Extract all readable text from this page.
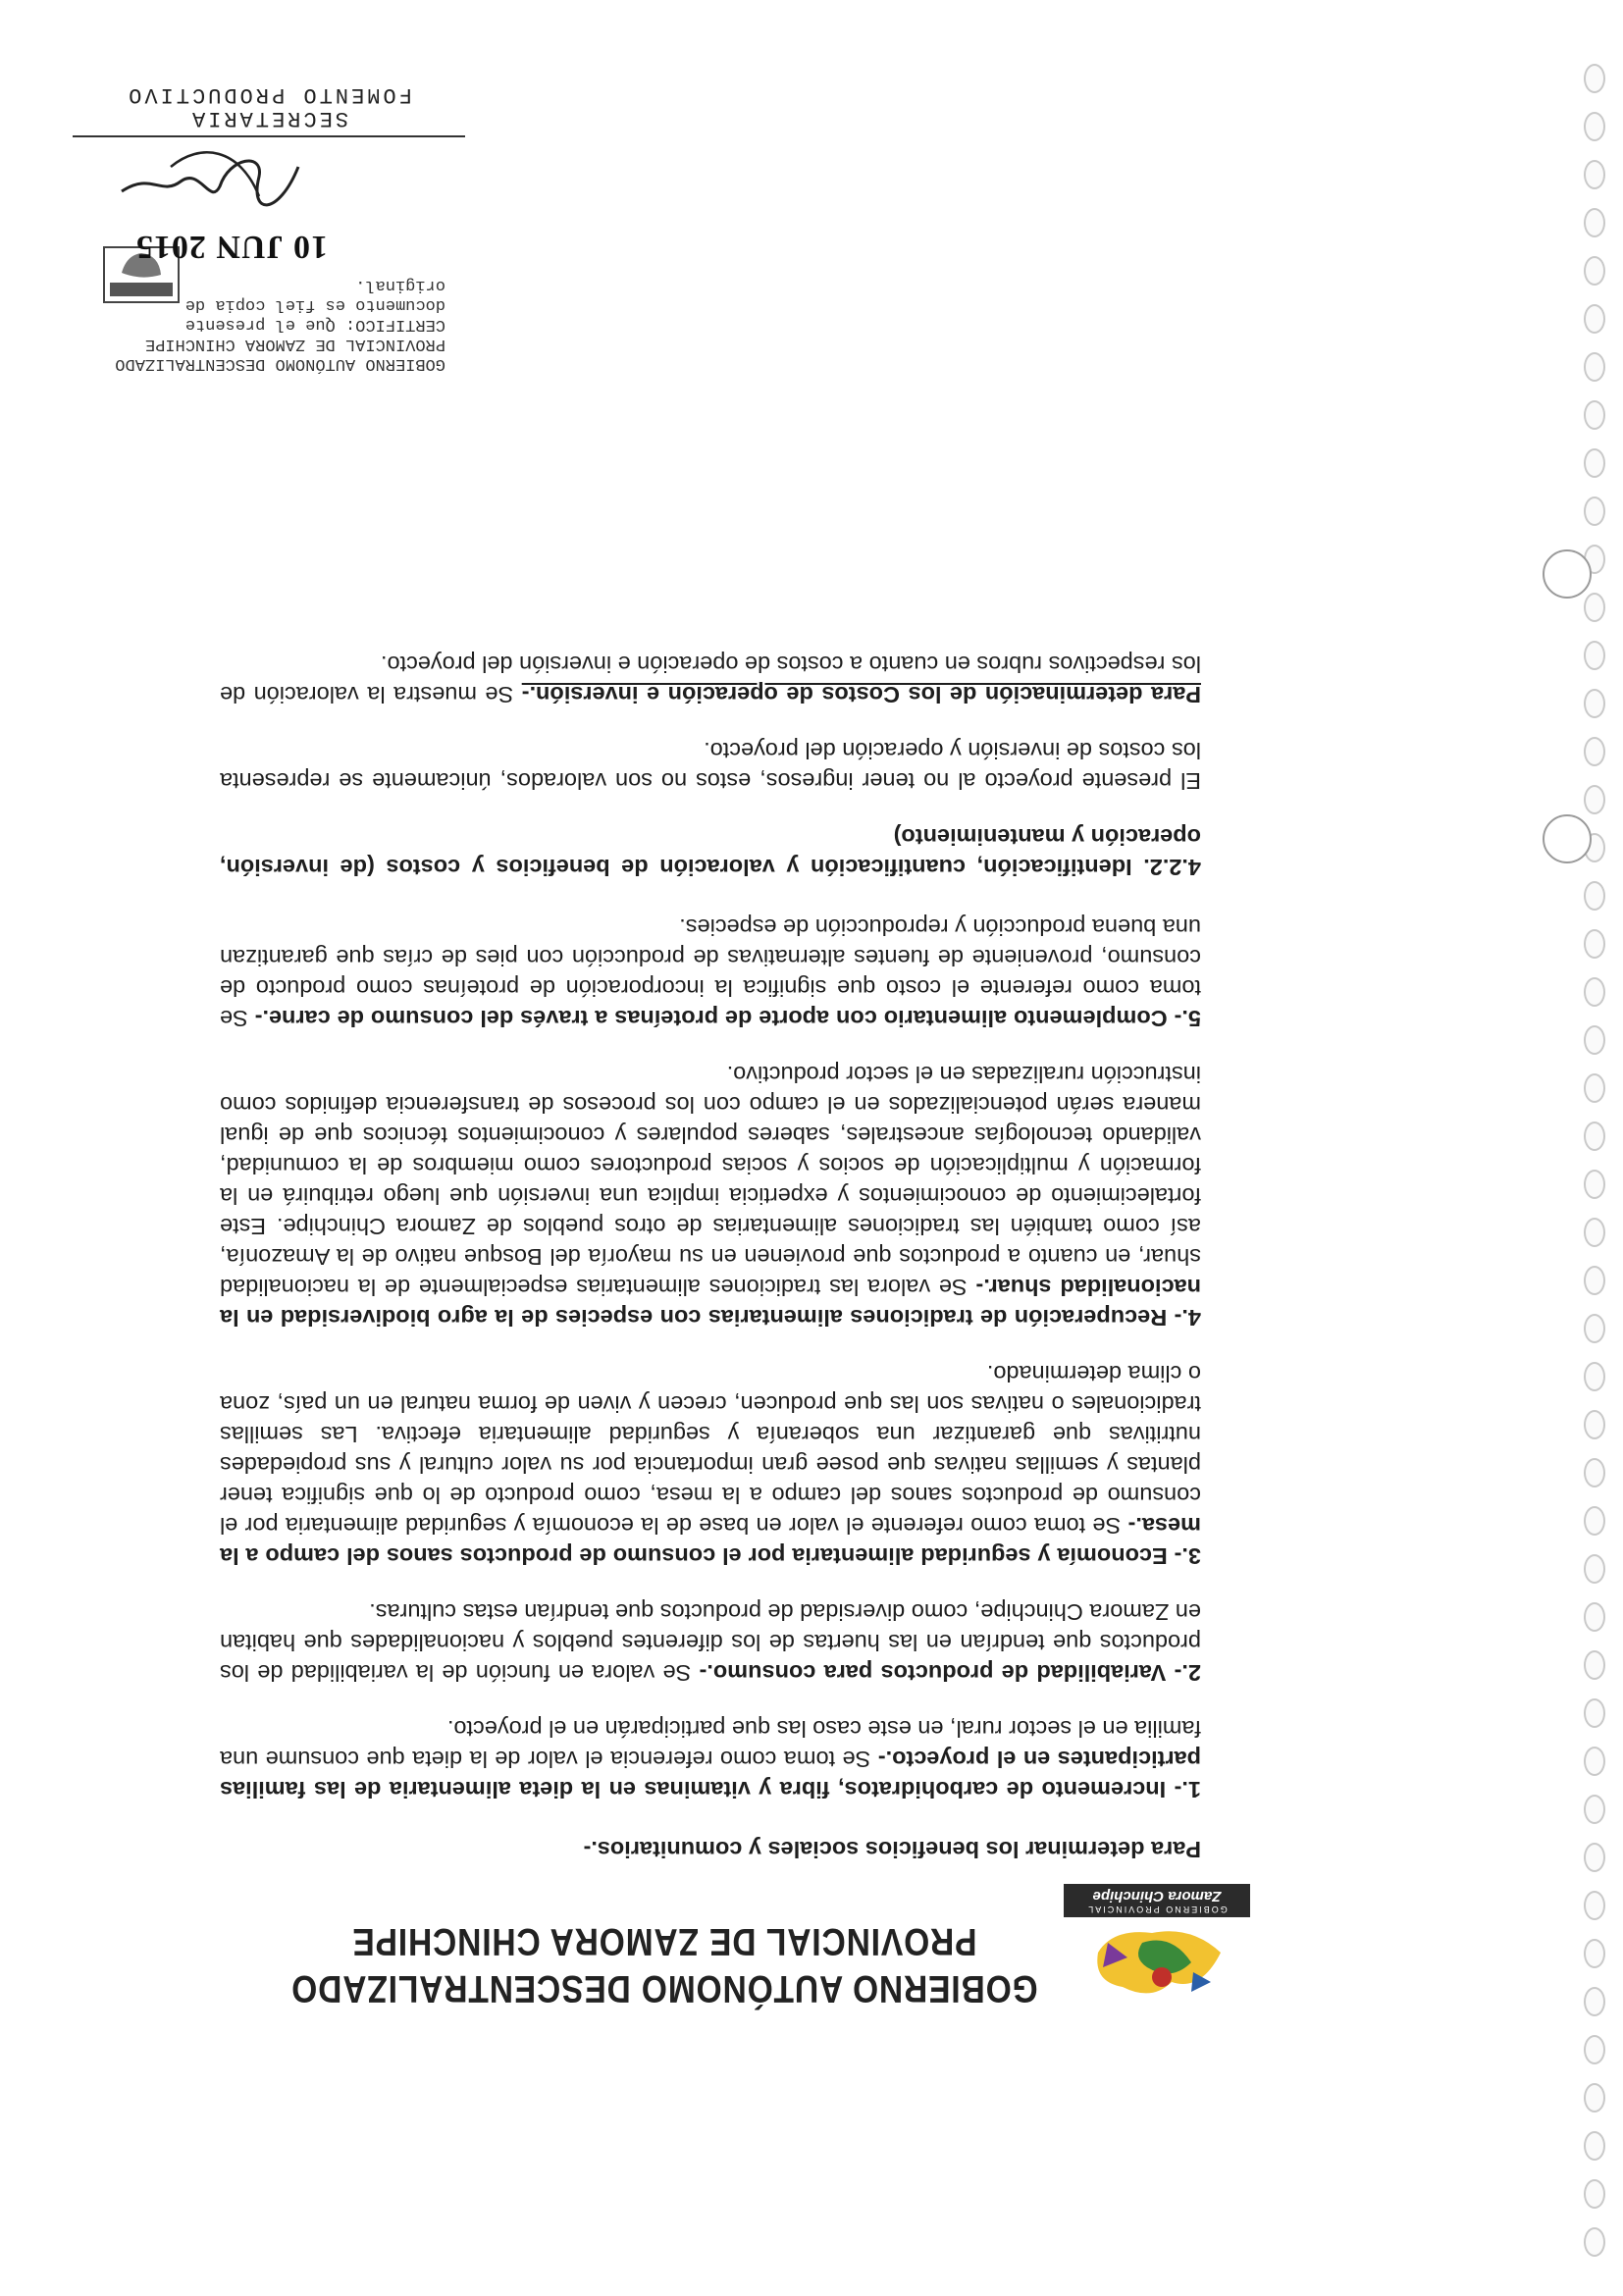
GOBIERNO PROVINCIAL
Zamora Chinchipe
GOBIERNO AUTÓNOMO DESCENTRALIZADO
PROVINCIAL DE ZAMORA CHINCHIPE

Para determinar los beneficios sociales y comunitarios.-

1.- Incremento de carbohidratos, fibra y vitaminas en la dieta alimentaria de las familias participantes en el proyecto.- Se toma como referencia el valor de la dieta que consume una familia en el sector rural, en este caso las que participarán en el proyecto.

2.- Variabilidad de productos para consumo.- Se valora en función de la variabilidad de los productos que tendrían en las huertas de los diferentes pueblos y nacionalidades que habitan en Zamora Chinchipe, como diversidad de productos que tendrían estas culturas.

3.- Economía y seguridad alimentaria por el consumo de productos sanos del campo a la mesa.- Se toma como referente el valor en base de la economía y seguridad alimentaria por el consumo de productos sanos del campo a la mesa, como producto de lo que significa tener plantas y semillas nativas que posee gran importancia por su valor cultural y sus propiedades nutritivas que garantizar una soberanía y seguridad alimentaria efectiva. Las semillas tradicionales o nativas son las que producen, crecen y viven de forma natural en un país, zona o clima determinado.

4.- Recuperación de tradiciones alimentarias con especies de la agro biodiversidad en la nacionalidad shuar.- Se valora las tradiciones alimentarias especialmente de la nacionalidad shuar, en cuanto a productos que provienen en su mayoría del Bosque nativo de la Amazonía, así como también las tradiciones alimentarias de otros pueblos de Zamora Chinchipe. Este fortalecimiento de conocimientos y experticia implica una inversión que luego retribuirá en la formación y multiplicación de socios y socias productores como miembros de la comunidad, validando tecnologías ancestrales, saberes populares y conocimientos técnicos que de igual manera serán potencializados en el campo con los procesos de transferencia definidos como instrucción ruralizadas en el sector productivo.

5.- Complemento alimentario con aporte de proteínas a través del consumo de carne.- Se toma como referente el costo que significa la incorporación de proteínas como producto de consumo, proveniente de fuentes alternativas de producción con pies de crías que garantizan una buena producción y reproducción de especies.

4.2.2. Identificación, cuantificación y valoración de beneficios y costos (de inversión, operación y mantenimiento)

El presente proyecto al no tener ingresos, estos no son valorados, únicamente se representa los costos de inversión y operación del proyecto.

Para determinación de los Costos de operación e inversión.- Se muestra la valoración de los respectivos rubros en cuanto a costos de operación e inversión del proyecto.

GOBIERNO AUTÓNOMO DESCENTRALIZADO
PROVINCIAL DE ZAMORA CHINCHIPE
CERTIFICO: Que el presente
documento es fiel copia de
original.
10 JUN 2015
SECRETARIA
FOMENTO PRODUCTIVO
